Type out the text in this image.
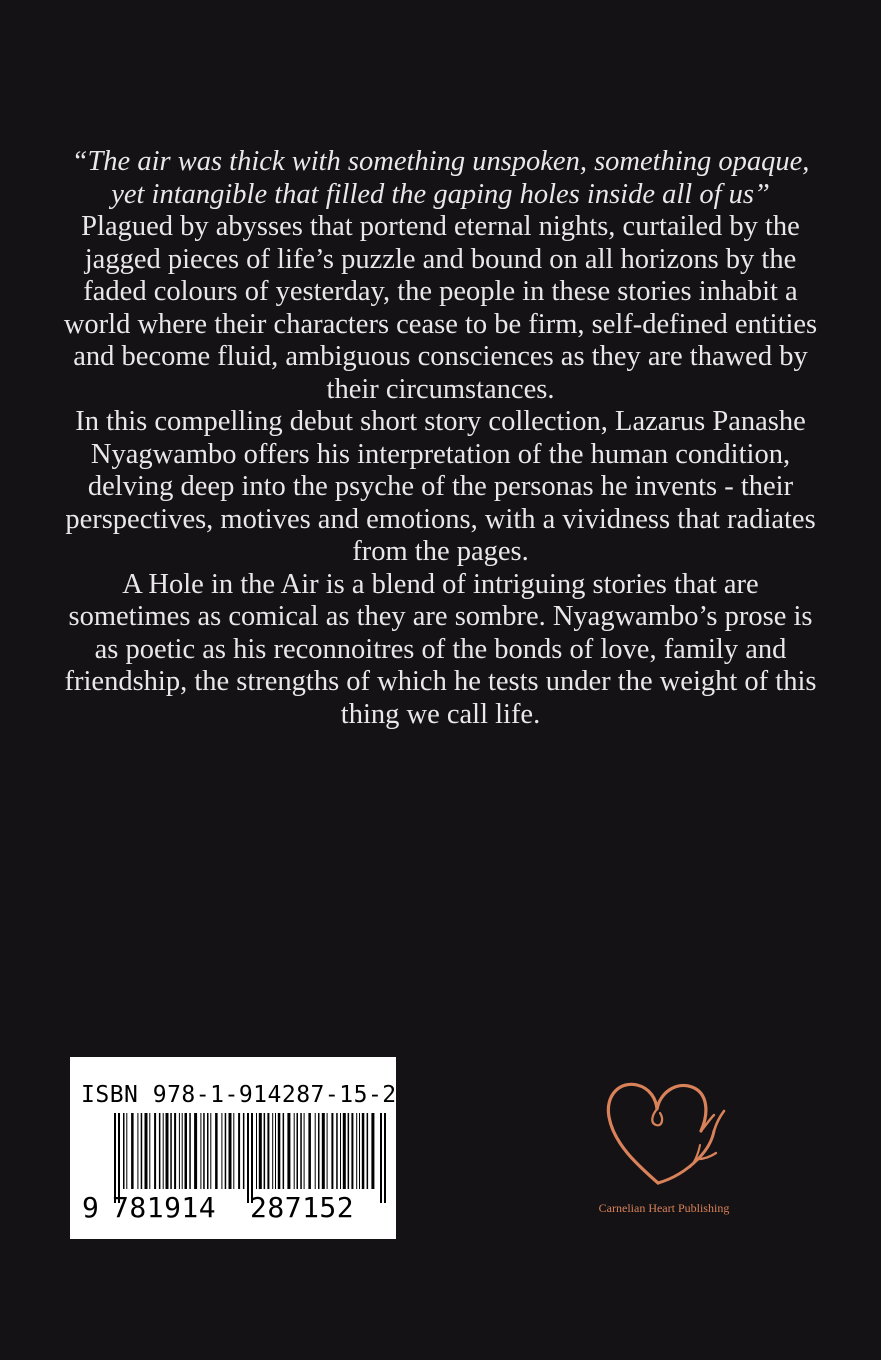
“The air was thick with something unspoken, something opaque, yet intangible that filled the gaping holes inside all of us”

Plagued by abysses that portend eternal nights, curtailed by the jagged pieces of life’s puzzle and bound on all horizons by the faded colours of yesterday, the people in these stories inhabit a world where their characters cease to be firm, self-defined entities and become fluid, ambiguous consciences as they are thawed by their circumstances.

In this compelling debut short story collection, Lazarus Panashe Nyagwambo offers his interpretation of the human condition, delving deep into the psyche of the personas he invents - their perspectives, motives and emotions, with a vividness that radiates from the pages.

A Hole in the Air is a blend of intriguing stories that are sometimes as comical as they are sombre. Nyagwambo’s prose is as poetic as his reconnoitres of the bonds of love, family and friendship, the strengths of which he tests under the weight of this thing we call life.

ISBN 978-1-914287-15-2
9 781914 287152	Carnelian Heart Publishing
